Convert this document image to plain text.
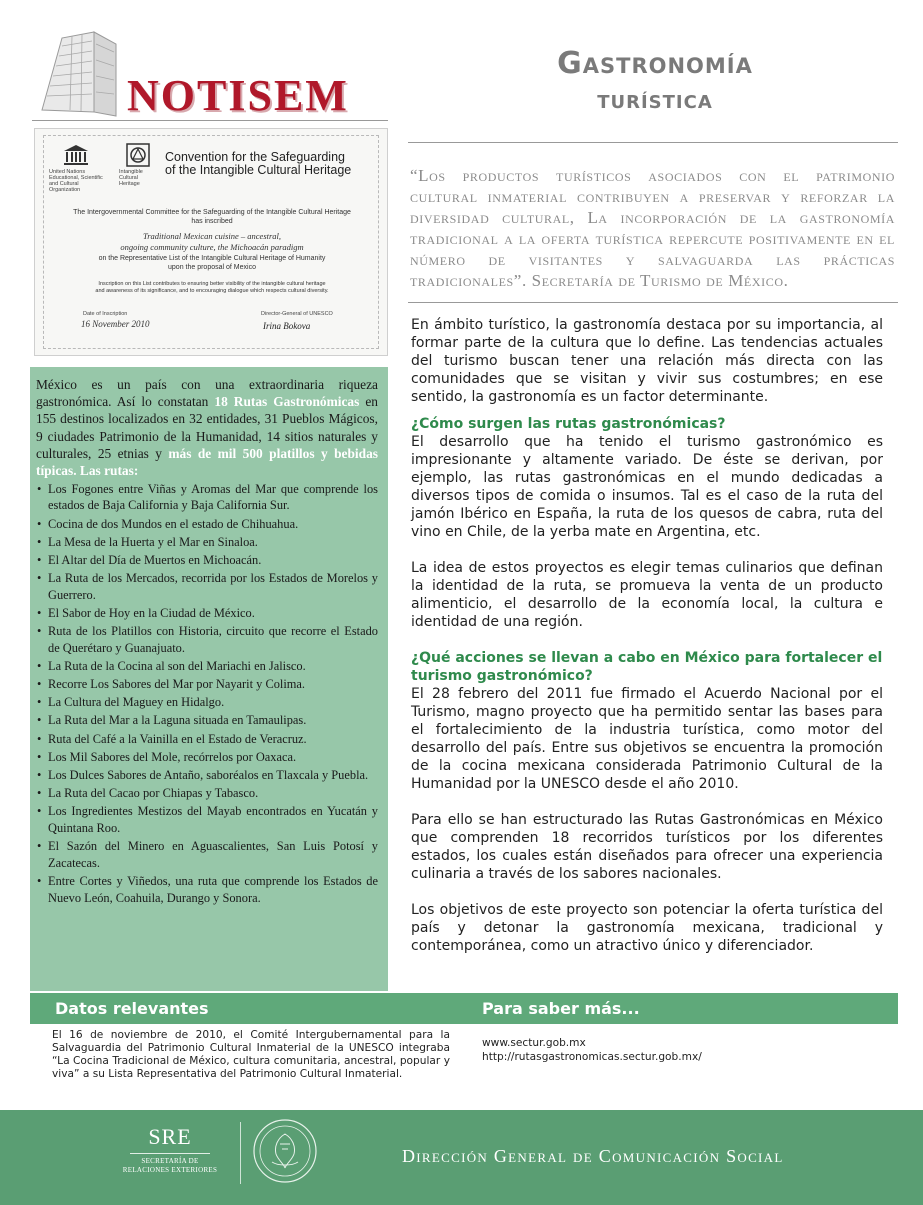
NOTISEM
Gastronomía
turística
“Los productos turísticos asociados con el patrimonio cultural inmaterial contribuyen a preservar y reforzar la diversidad cultural, La incorporación de la gastronomía tradicional a la oferta turística repercute positivamente en el número de visitantes y salvaguarda las prácticas tradicionales”. Secretaría de Turismo de México.
United Nations Educational, Scientific and Cultural Organization
Intangible Cultural Heritage
Convention for the Safeguarding
of the Intangible Cultural Heritage
The Intergovernmental Committee for the Safeguarding of the Intangible Cultural Heritage
has inscribed
Traditional Mexican cuisine – ancestral,
ongoing community culture, the Michoacán paradigm
on the Representative List of the Intangible Cultural Heritage of Humanity
upon the proposal of Mexico
Inscription on this List contributes to ensuring better visibility of the intangible cultural heritage
and awareness of its significance, and to encouraging dialogue which respects cultural diversity.
Date of Inscription
16 November 2010
Director-General of UNESCO
Irina Bokova

México es un país con una extraordinaria riqueza gastronómica. Así lo constatan 18 Rutas Gastronómicas en 155 destinos localizados en 32 entidades, 31 Pueblos Mágicos, 9 ciudades Patrimonio de la Humanidad, 14 sitios naturales y culturales, 25 etnias y más de mil 500 platillos y bebidas típicas. Las rutas:

• Los Fogones entre Viñas y Aromas del Mar que comprende los estados de Baja California y Baja California Sur.
• Cocina de dos Mundos en el estado de Chihuahua.
• La Mesa de la Huerta y el Mar en Sinaloa.
• El Altar del Día de Muertos en Michoacán.
• La Ruta de los Mercados, recorrida por los Estados de Morelos y Guerrero.
• El Sabor de Hoy en la Ciudad de México.
• Ruta de los Platillos con Historia, circuito que recorre el Estado de Querétaro y Guanajuato.
• La Ruta de la Cocina al son del Mariachi en Jalisco.
• Recorre Los Sabores del Mar por Nayarit y Colima.
• La Cultura del Maguey en Hidalgo.
• La Ruta del Mar a la Laguna situada en Tamaulipas.
• Ruta del Café a la Vainilla en el Estado de Veracruz.
• Los Mil Sabores del Mole, recórrelos por Oaxaca.
• Los Dulces Sabores de Antaño, saboréalos en Tlaxcala y Puebla.
• La Ruta del Cacao por Chiapas y Tabasco.
• Los Ingredientes Mestizos del Mayab encontrados en Yucatán y Quintana Roo.
• El Sazón del Minero en Aguascalientes, San Luis Potosí y Zacatecas.
• Entre Cortes y Viñedos, una ruta que comprende los Estados de Nuevo León, Coahuila, Durango y Sonora.

En ámbito turístico, la gastronomía destaca por su importancia, al formar parte de la cultura que lo define. Las tendencias actuales del turismo buscan tener una relación más directa con las comunidades que se visitan y vivir sus costumbres; en ese sentido, la gastronomía es un factor determinante.

¿Cómo surgen las rutas gastronómicas?

El desarrollo que ha tenido el turismo gastronómico es impresionante y altamente variado. De éste se derivan, por ejemplo, las rutas gastronómicas en el mundo dedicadas a diversos tipos de comida o insumos. Tal es el caso de la ruta del jamón Ibérico en España, la ruta de los quesos de cabra, ruta del vino en Chile, de la yerba mate en Argentina, etc.

La idea de estos proyectos es elegir temas culinarios que definan la identidad de la ruta, se promueva la venta de un producto alimenticio, el desarrollo de la economía local, la cultura e identidad de una región.

¿Qué acciones se llevan a cabo en México para fortalecer el turismo gastronómico?

El 28 febrero del 2011 fue firmado el Acuerdo Nacional por el Turismo, magno proyecto que ha permitido sentar las bases para el fortalecimiento de la industria turística, como motor del desarrollo del país. Entre sus objetivos se encuentra la promoción de la cocina mexicana considerada Patrimonio Cultural de la Humanidad por la UNESCO desde el año 2010.

Para ello se han estructurado las Rutas Gastronómicas en México que comprenden 18 recorridos turísticos por los diferentes estados, los cuales están diseñados para ofrecer una experiencia culinaria a través de los sabores nacionales.

Los objetivos de este proyecto son potenciar la oferta turística del país y detonar la gastronomía mexicana, tradicional y contemporánea, como un atractivo único y diferenciador.

Datos relevantes	Para saber más...
El 16 de noviembre de 2010, el Comité Intergubernamental para la Salvaguardia del Patrimonio Cultural Inmaterial de la UNESCO integraba “La Cocina Tradicional de México, cultura comunitaria, ancestral, popular y viva” a su Lista Representativa del Patrimonio Cultural Inmaterial.
www.sectur.gob.mx
http://rutasgastronomicas.sectur.gob.mx/
SRE
SECRETARÍA DE
RELACIONES EXTERIORES
Dirección General de Comunicación Social
